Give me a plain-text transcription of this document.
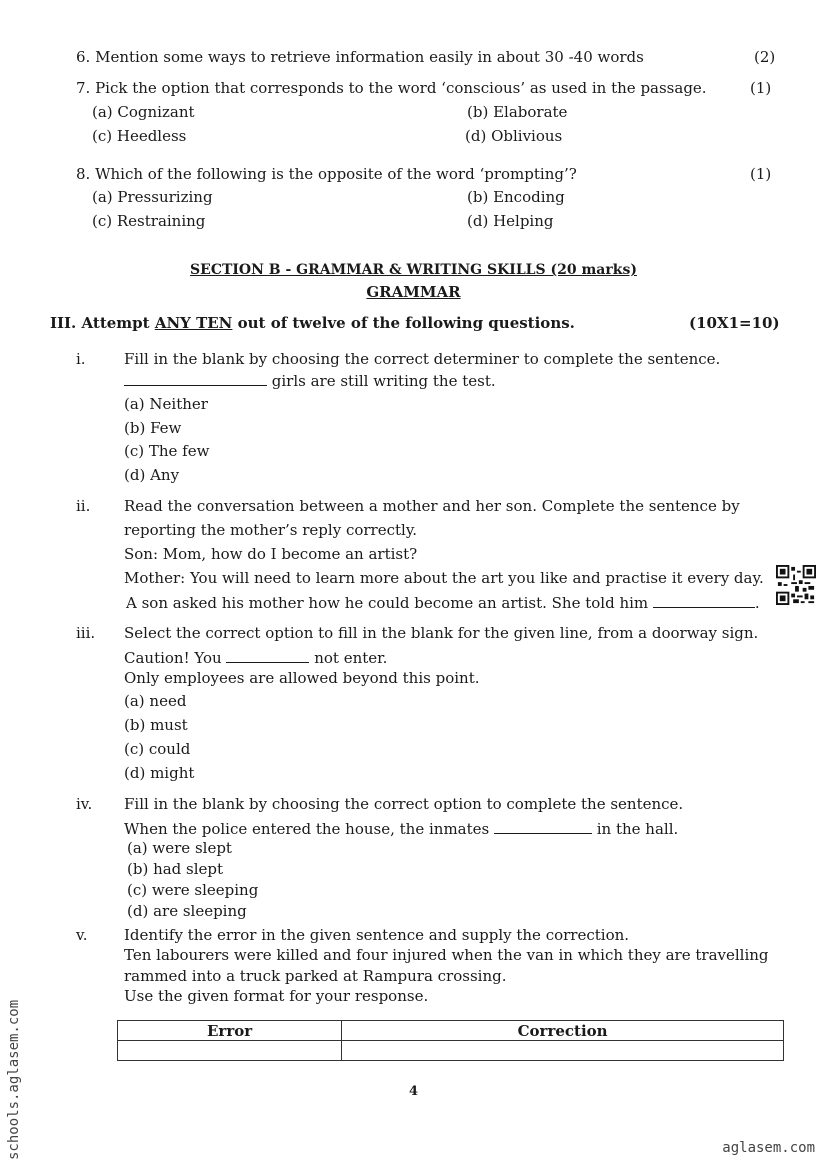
6. Mention some ways to retrieve information easily in about 30 -40 words	(2)
7. Pick the option that corresponds to the word ‘conscious’ as used in the passage.	(1)
(a) Cognizant	(b) Elaborate
(c) Heedless	(d) Oblivious
8. Which of the following is the opposite of the word ‘prompting’?	(1)
(a) Pressurizing	(b) Encoding
(c) Restraining	(d) Helping
SECTION B - GRAMMAR & WRITING SKILLS (20 marks)
GRAMMAR
III. Attempt ANY TEN out of twelve of the following questions.	(10X1=10)
i.	Fill in the blank by choosing the correct determiner to complete the sentence.
girls are still writing the test.
(a) Neither
(b) Few
(c) The few
(d) Any
ii. Read the conversation between a mother and her son. Complete the sentence by
reporting the mother’s reply correctly.
Son: Mom, how do I become an artist?
Mother: You will need to learn more about the art you like and practise it every day.
A son asked his mother how he could become an artist. She told him	.
iii. Select the correct option to fill in the blank for the given line, from a doorway sign.
Caution! You	not enter.
Only employees are allowed beyond this point.
(a) need
(b) must
(c) could
(d) might
iv. Fill in the blank by choosing the correct option to complete the sentence.
When the police entered the house, the inmates	in the hall.
(a) were slept
(b) had slept
(c) were sleeping
(d) are sleeping
v. Identify the error in the given sentence and supply the correction.
Ten labourers were killed and four injured when the van in which they are travelling
rammed into a truck parked at Rampura crossing.
Use the given format for your response.
Error	Correction

4
schools.aglasem.com	aglasem.com
